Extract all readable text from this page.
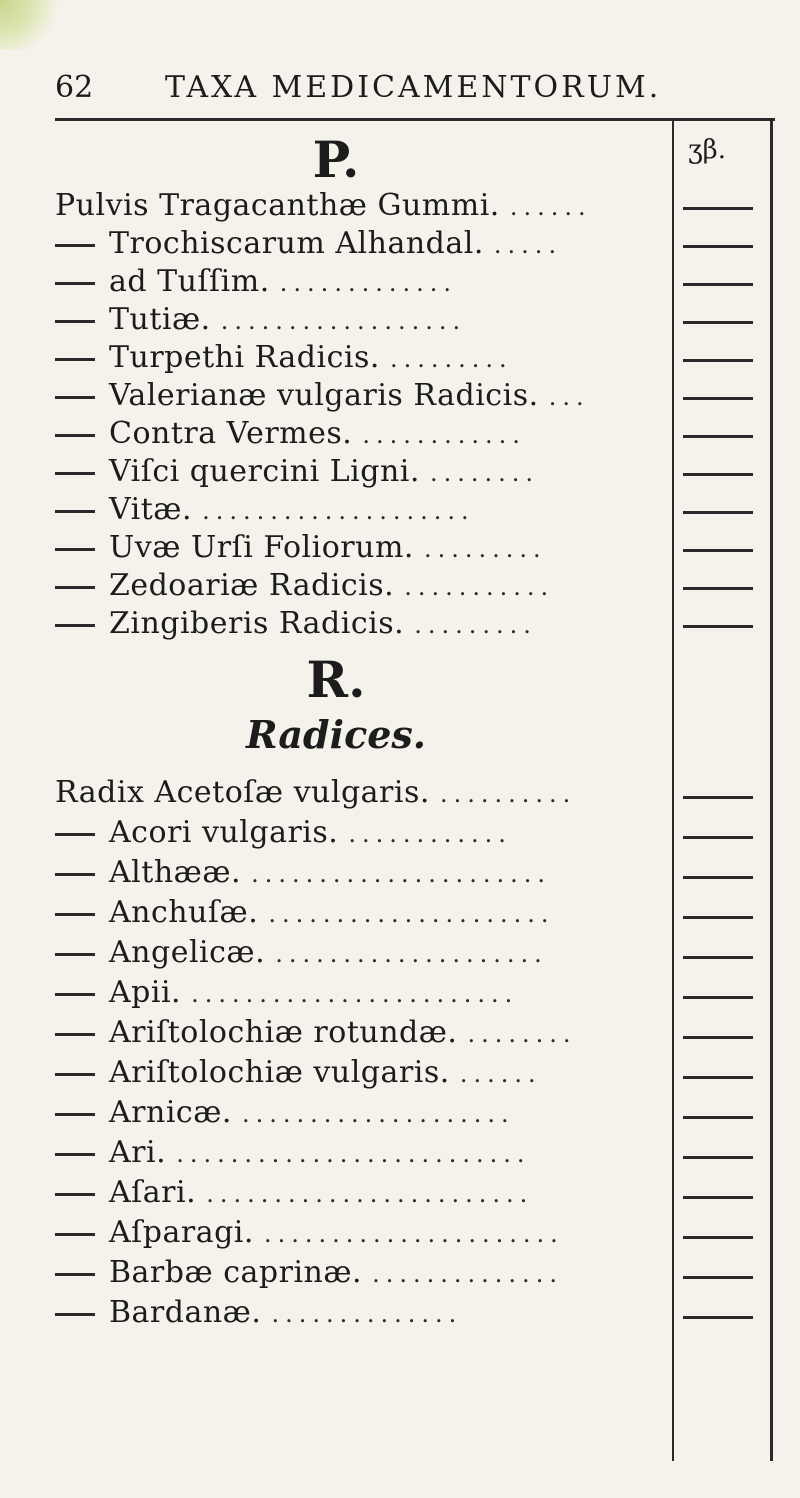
62 TAXA MEDICAMENTORUM.
ʒβ.
P.
Pulvis Tragacanthæ Gummi. ......
Trochiscarum Alhandal. .....
ad Tuſſim. .............
Tutiæ. ..................
Turpethi Radicis. .........
Valerianæ vulgaris Radicis. ...
Contra Vermes. ............
Viſci quercini Ligni. ........
Vitæ. ....................
Uvæ Urſi Foliorum. .........
Zedoariæ Radicis. ...........
Zingiberis Radicis. .........
R.
Radices.
Radix Acetoſæ vulgaris. ..........
Acori vulgaris. ............
Althææ. ......................
Anchuſæ. .....................
Angelicæ. ....................
Apii. ........................
Ariſtolochiæ rotundæ. ........
Ariſtolochiæ vulgaris. ......
Arnicæ. ....................
Ari. ..........................
Aſari. ........................
Aſparagi. ......................
Barbæ caprinæ. ..............
Bardanæ. ..............
